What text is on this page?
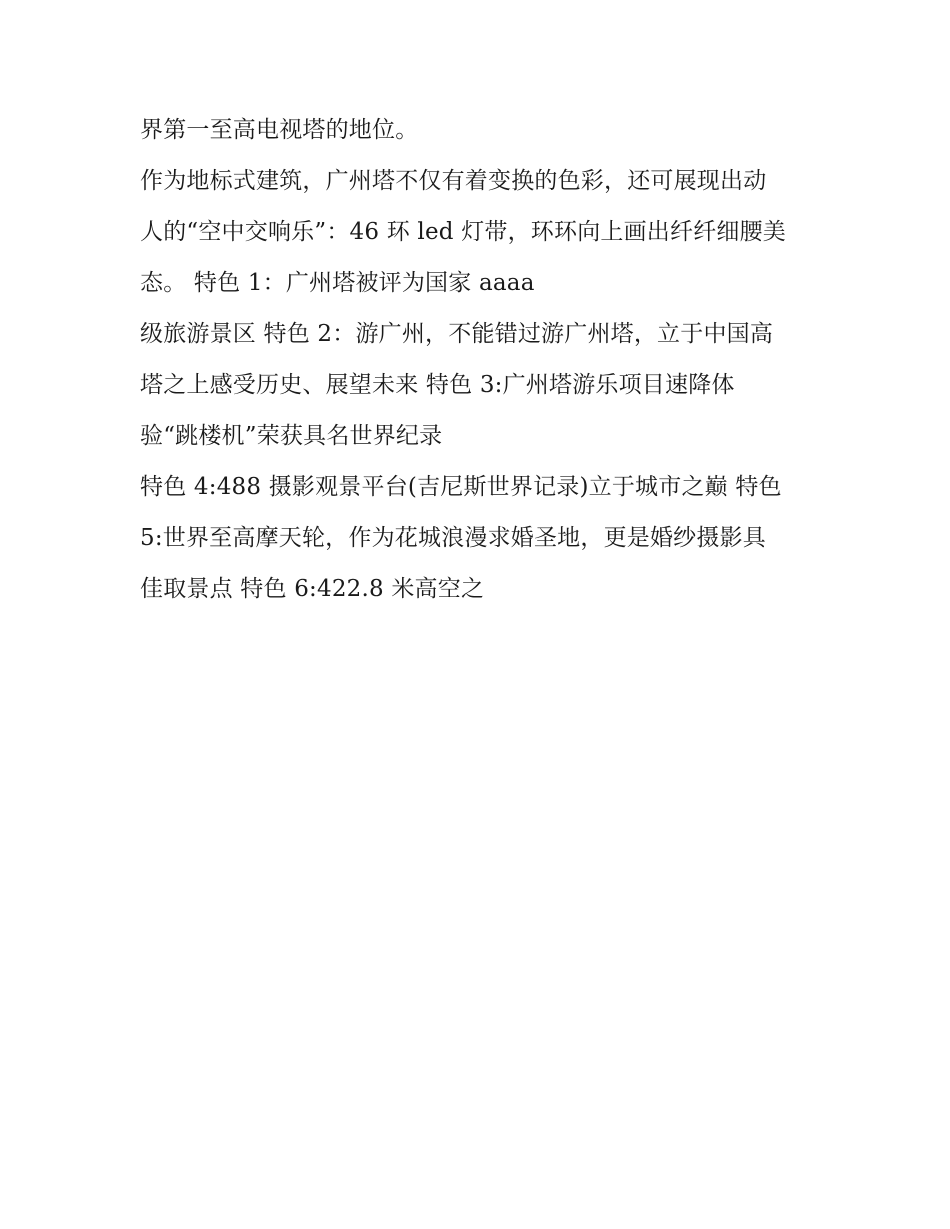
界第一至高电视塔的地位。
作为地标式建筑，广州塔不仅有着变换的色彩，还可展现出动
人的“空中交响乐”：46 环 led 灯带，环环向上画出纤纤细腰美
态。 特色 1：广州塔被评为国家 aaaa
级旅游景区 特色 2：游广州，不能错过游广州塔，立于中国高
塔之上感受历史、展望未来 特色 3:广州塔游乐项目速降体
验“跳楼机”荣获具名世界纪录
特色 4:488 摄影观景平台(吉尼斯世界记录)立于城市之巅 特色
5:世界至高摩天轮，作为花城浪漫求婚圣地，更是婚纱摄影具
佳取景点 特色 6:422.8 米高空之
